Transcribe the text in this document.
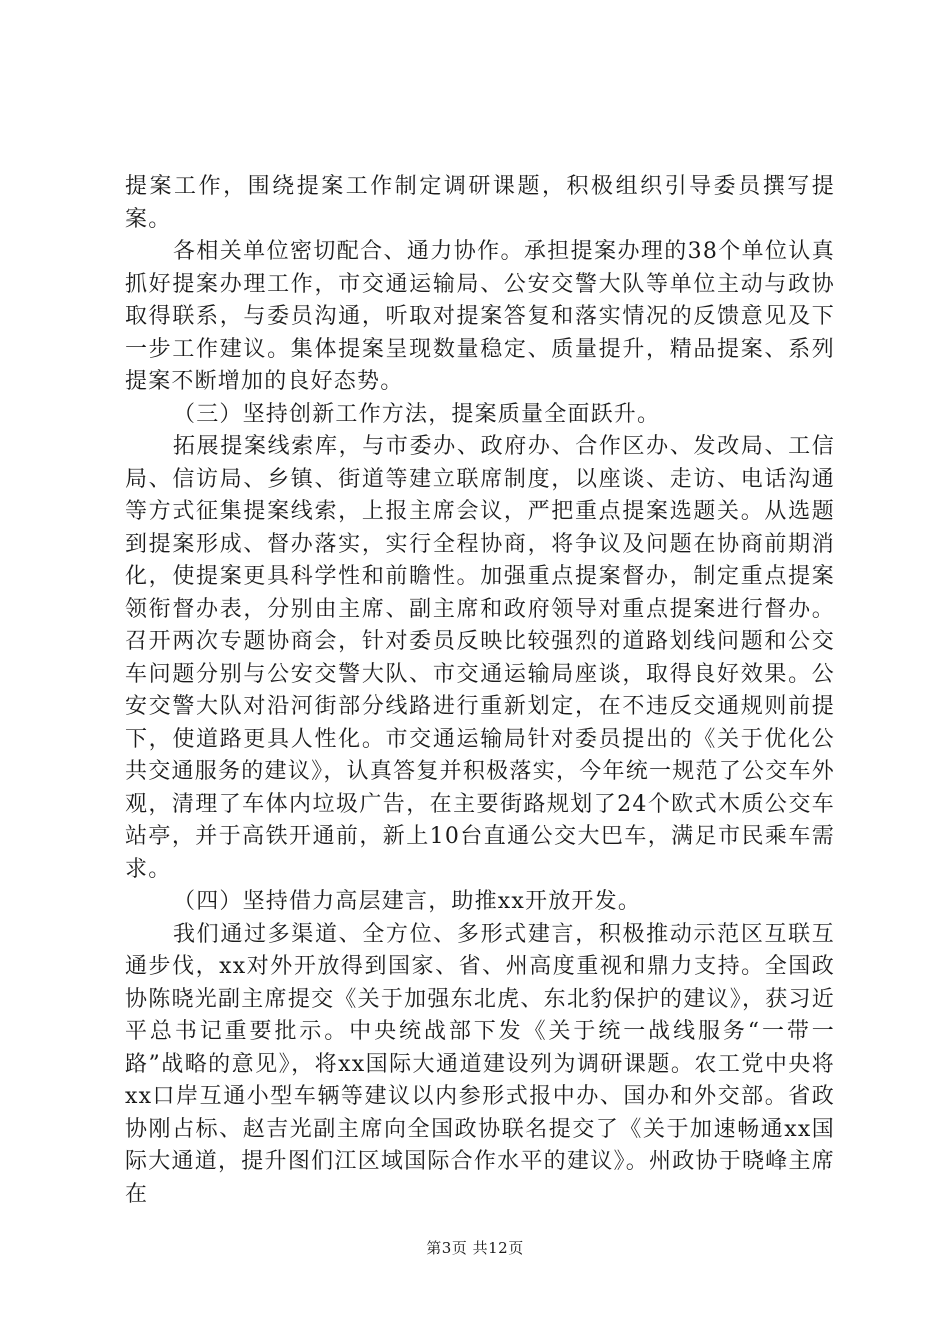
提案工作，围绕提案工作制定调研课题，积极组织引导委员撰写提案。

各相关单位密切配合、通力协作。承担提案办理的38个单位认真抓好提案办理工作，市交通运输局、公安交警大队等单位主动与政协取得联系，与委员沟通，听取对提案答复和落实情况的反馈意见及下一步工作建议。集体提案呈现数量稳定、质量提升，精品提案、系列提案不断增加的良好态势。

（三）坚持创新工作方法，提案质量全面跃升。

拓展提案线索库，与市委办、政府办、合作区办、发改局、工信局、信访局、乡镇、街道等建立联席制度，以座谈、走访、电话沟通等方式征集提案线索，上报主席会议，严把重点提案选题关。从选题到提案形成、督办落实，实行全程协商，将争议及问题在协商前期消化，使提案更具科学性和前瞻性。加强重点提案督办，制定重点提案领衔督办表，分别由主席、副主席和政府领导对重点提案进行督办。召开两次专题协商会，针对委员反映比较强烈的道路划线问题和公交车问题分别与公安交警大队、市交通运输局座谈，取得良好效果。公安交警大队对沿河街部分线路进行重新划定，在不违反交通规则前提下，使道路更具人性化。市交通运输局针对委员提出的《关于优化公共交通服务的建议》，认真答复并积极落实，今年统一规范了公交车外观，清理了车体内垃圾广告，在主要街路规划了24个欧式木质公交车站亭，并于高铁开通前，新上10台直通公交大巴车，满足市民乘车需求。

（四）坚持借力高层建言，助推xx开放开发。

我们通过多渠道、全方位、多形式建言，积极推动示范区互联互通步伐，xx对外开放得到国家、省、州高度重视和鼎力支持。全国政协陈晓光副主席提交《关于加强东北虎、东北豹保护的建议》，获习近平总书记重要批示。中央统战部下发《关于统一战线服务“一带一路”战略的意见》，将xx国际大通道建设列为调研课题。农工党中央将xx口岸互通小型车辆等建议以内参形式报中办、国办和外交部。省政协刚占标、赵吉光副主席向全国政协联名提交了《关于加速畅通xx国际大通道，提升图们江区域国际合作水平的建议》。州政协于晓峰主席在

第3页 共12页
